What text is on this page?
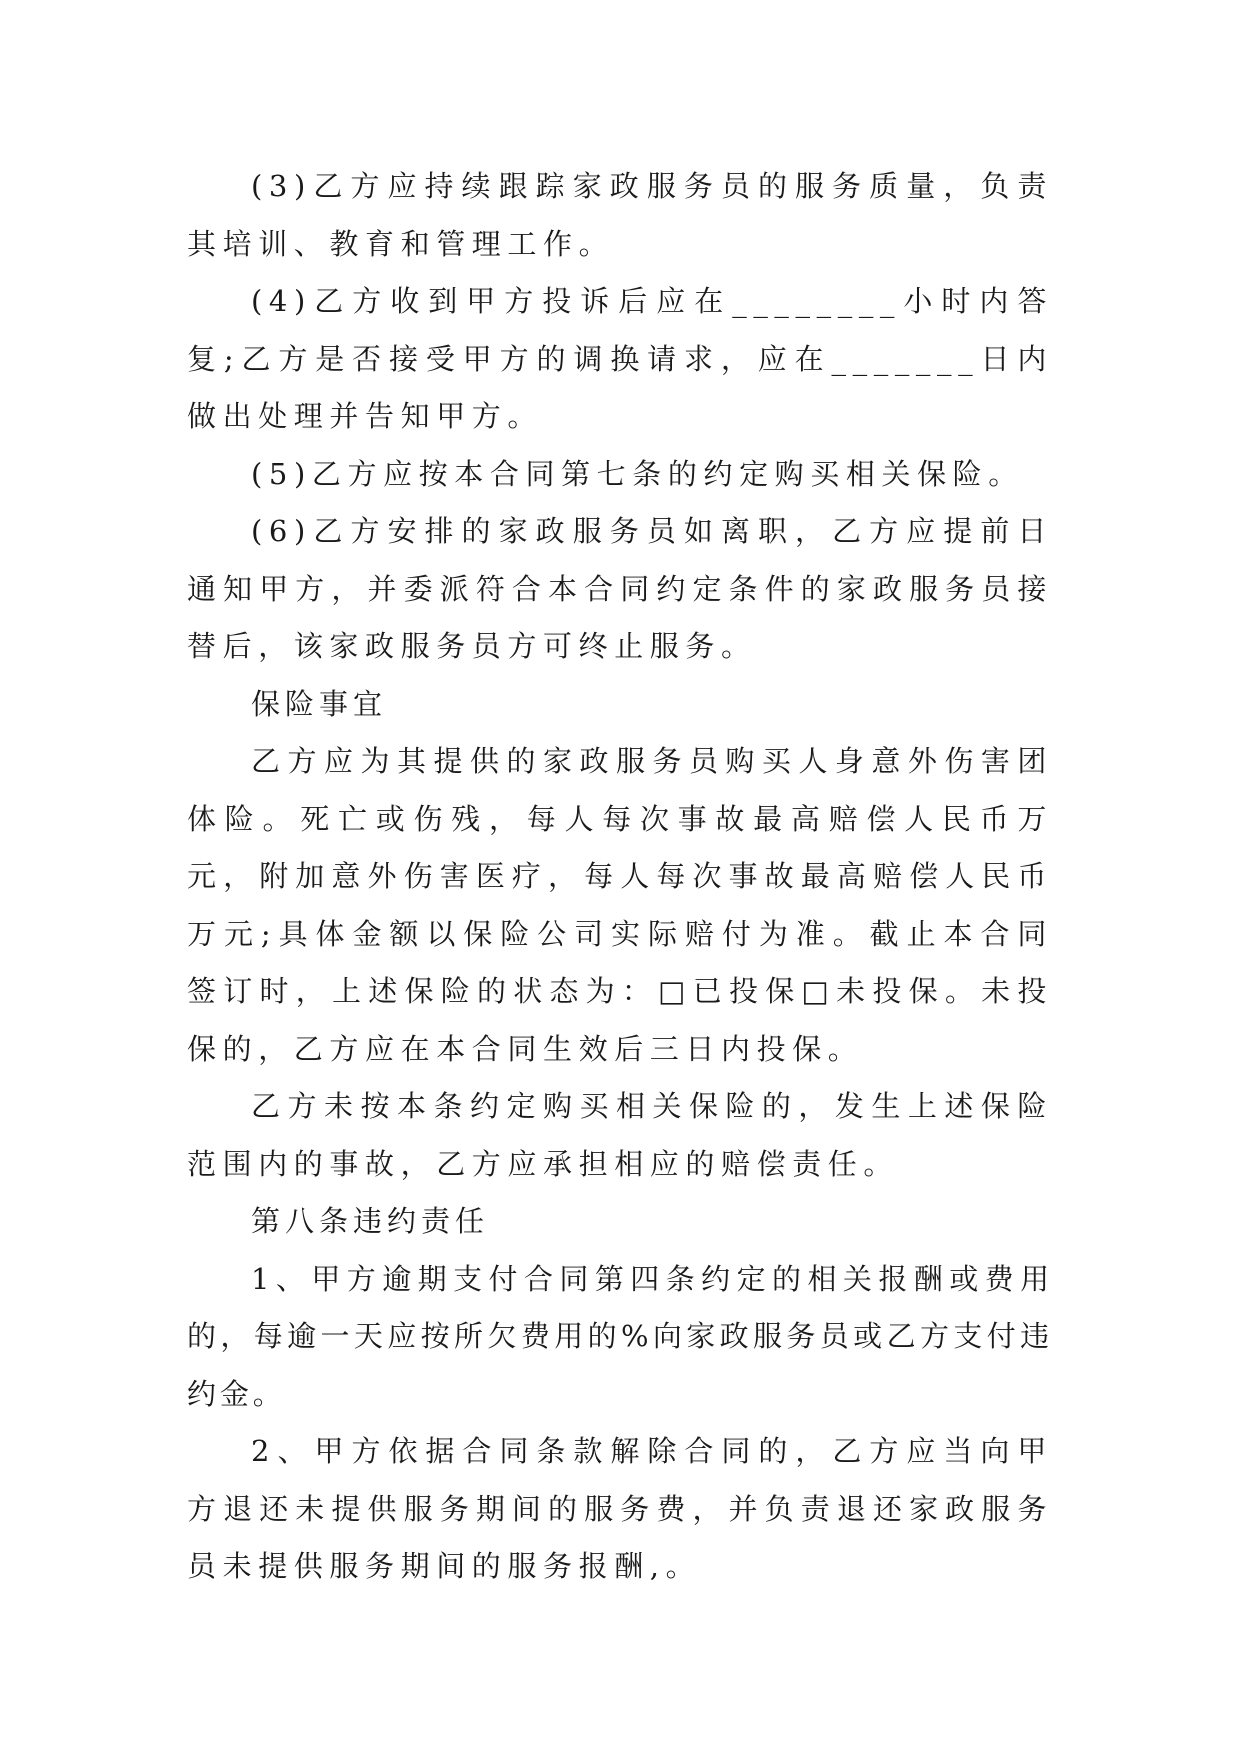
(3)乙方应持续跟踪家政服务员的服务质量，负责其培训、教育和管理工作。

(4)乙方收到甲方投诉后应在________小时内答复;乙方是否接受甲方的调换请求，应在_______日内做出处理并告知甲方。

(5)乙方应按本合同第七条的约定购买相关保险。

(6)乙方安排的家政服务员如离职，乙方应提前日通知甲方，并委派符合本合同约定条件的家政服务员接替后，该家政服务员方可终止服务。

保险事宜

乙方应为其提供的家政服务员购买人身意外伤害团体险。死亡或伤残，每人每次事故最高赔偿人民币万元，附加意外伤害医疗，每人每次事故最高赔偿人民币万元;具体金额以保险公司实际赔付为准。截止本合同签订时，上述保险的状态为：□已投保□未投保。未投保的，乙方应在本合同生效后三日内投保。

乙方未按本条约定购买相关保险的，发生上述保险范围内的事故，乙方应承担相应的赔偿责任。

第八条违约责任

1、甲方逾期支付合同第四条约定的相关报酬或费用的，每逾一天应按所欠费用的%向家政服务员或乙方支付违约金。

2、甲方依据合同条款解除合同的，乙方应当向甲方退还未提供服务期间的服务费，并负责退还家政服务员未提供服务期间的服务报酬,。
